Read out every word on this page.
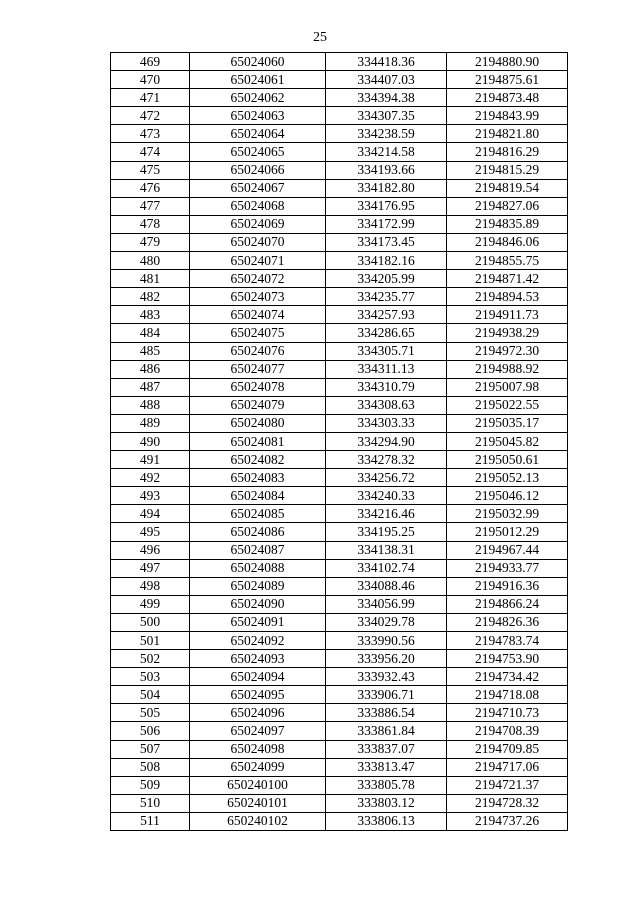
25
469	65024060	334418.36	2194880.90
470	65024061	334407.03	2194875.61
471	65024062	334394.38	2194873.48
472	65024063	334307.35	2194843.99
473	65024064	334238.59	2194821.80
474	65024065	334214.58	2194816.29
475	65024066	334193.66	2194815.29
476	65024067	334182.80	2194819.54
477	65024068	334176.95	2194827.06
478	65024069	334172.99	2194835.89
479	65024070	334173.45	2194846.06
480	65024071	334182.16	2194855.75
481	65024072	334205.99	2194871.42
482	65024073	334235.77	2194894.53
483	65024074	334257.93	2194911.73
484	65024075	334286.65	2194938.29
485	65024076	334305.71	2194972.30
486	65024077	334311.13	2194988.92
487	65024078	334310.79	2195007.98
488	65024079	334308.63	2195022.55
489	65024080	334303.33	2195035.17
490	65024081	334294.90	2195045.82
491	65024082	334278.32	2195050.61
492	65024083	334256.72	2195052.13
493	65024084	334240.33	2195046.12
494	65024085	334216.46	2195032.99
495	65024086	334195.25	2195012.29
496	65024087	334138.31	2194967.44
497	65024088	334102.74	2194933.77
498	65024089	334088.46	2194916.36
499	65024090	334056.99	2194866.24
500	65024091	334029.78	2194826.36
501	65024092	333990.56	2194783.74
502	65024093	333956.20	2194753.90
503	65024094	333932.43	2194734.42
504	65024095	333906.71	2194718.08
505	65024096	333886.54	2194710.73
506	65024097	333861.84	2194708.39
507	65024098	333837.07	2194709.85
508	65024099	333813.47	2194717.06
509	650240100	333805.78	2194721.37
510	650240101	333803.12	2194728.32
511	650240102	333806.13	2194737.26
